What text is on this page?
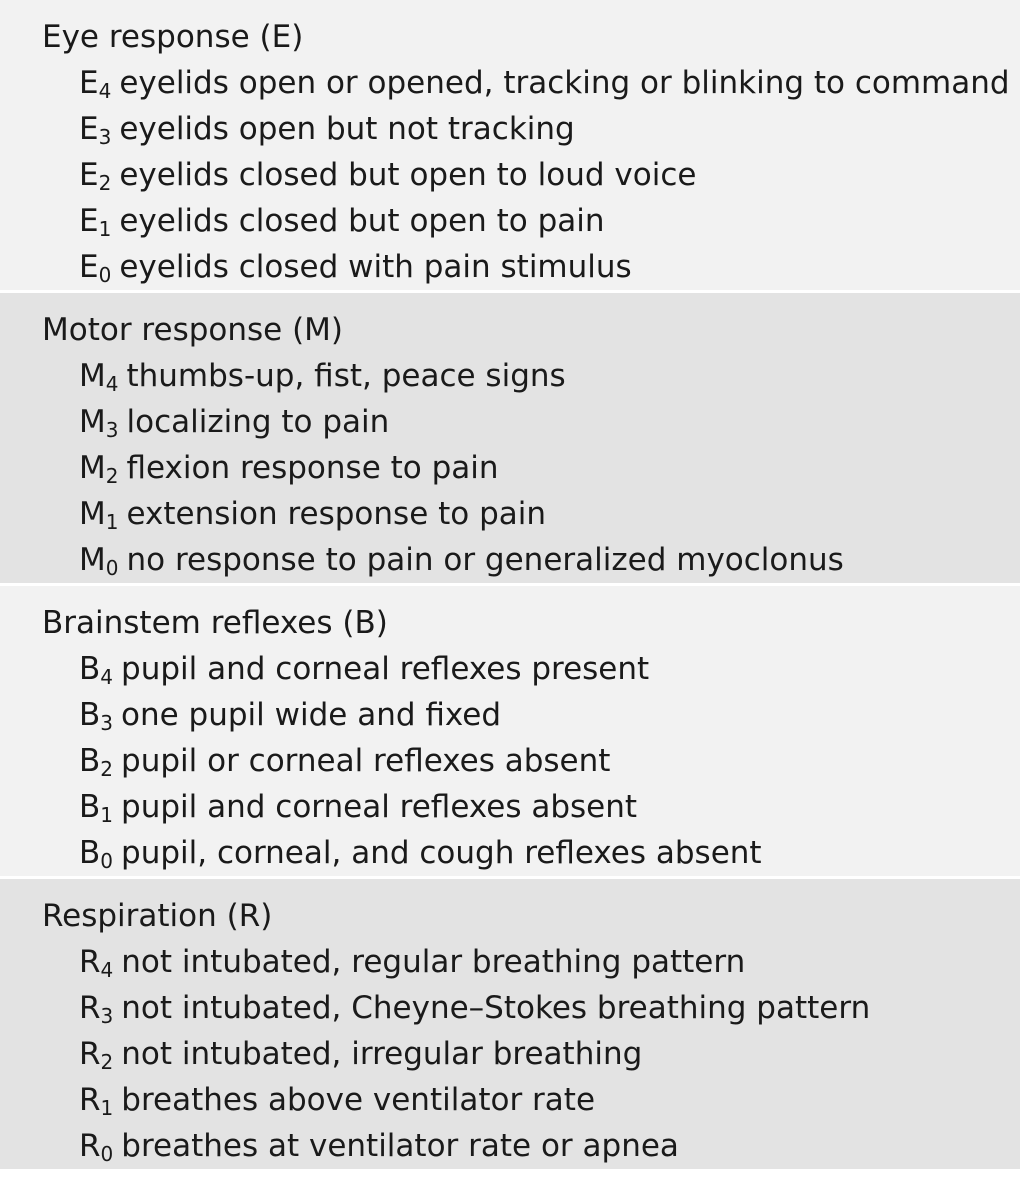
Eye response (E)
$E_4$ eyelids open or opened, tracking or blinking to command
$E_3$ eyelids open but not tracking
$E_2$ eyelids closed but open to loud voice
$E_1$ eyelids closed but open to pain
$E_0$ eyelids closed with pain stimulus
Motor response (M)
$M_4$ thumbs-up, fist, peace signs
$M_3$ localizing to pain
$M_2$ flexion response to pain
$M_1$ extension response to pain
$M_0$ no response to pain or generalized myoclonus
Brainstem reflexes (B)
$B_4$ pupil and corneal reflexes present
$B_3$ one pupil wide and fixed
$B_2$ pupil or corneal reflexes absent
$B_1$ pupil and corneal reflexes absent
$B_0$ pupil, corneal, and cough reflexes absent
Respiration (R)
$R_4$ not intubated, regular breathing pattern
$R_3$ not intubated, Cheyne–Stokes breathing pattern
$R_2$ not intubated, irregular breathing
$R_1$ breathes above ventilator rate
$R_0$ breathes at ventilator rate or apnea
